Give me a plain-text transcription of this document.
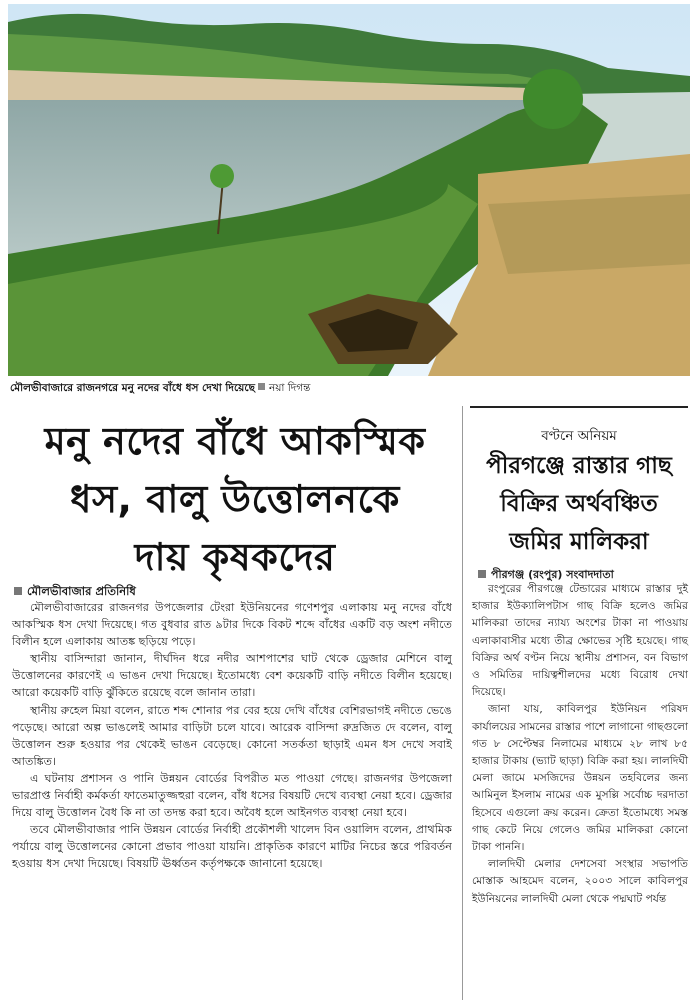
মৌলভীবাজারে রাজনগরে মনু নদের বাঁধে ধস দেখা দিয়েছে নয়া দিগন্ত
মনু নদের বাঁধে আকস্মিক
ধস, বালু উত্তোলনকে
দায় কৃষকদের
মৌলভীবাজার প্রতিনিধি

মৌলভীবাজারের রাজনগর উপজেলার টেংরা ইউনিয়নের গণেশপুর এলাকায় মনু নদের বাঁধে আকস্মিক ধস দেখা দিয়েছে। গত বুধবার রাত ৯টার দিকে বিকট শব্দে বাঁধের একটি বড় অংশ নদীতে বিলীন হলে এলাকায় আতঙ্ক ছড়িয়ে পড়ে।

স্থানীয় বাসিন্দারা জানান, দীর্ঘদিন ধরে নদীর আশপাশের ঘাট থেকে ড্রেজার মেশিনে বালু উত্তোলনের কারণেই এ ভাঙন দেখা দিয়েছে। ইতোমধ্যে বেশ কয়েকটি বাড়ি নদীতে বিলীন হয়েছে। আরো কয়েকটি বাড়ি ঝুঁকিতে রয়েছে বলে জানান তারা।

স্থানীয় রুহেল মিয়া বলেন, রাতে শব্দ শোনার পর বের হয়ে দেখি বাঁধের বেশিরভাগই নদীতে ভেঙে পড়েছে। আরো অল্প ভাঙলেই আমার বাড়িটা চলে যাবে। আরেক বাসিন্দা রুদ্রজিত দে বলেন, বালু উত্তোলন শুরু হওয়ার পর থেকেই ভাঙন বেড়েছে। কোনো সতর্কতা ছাড়াই এমন ধস দেখে সবাই আতঙ্কিত।

এ ঘটনায় প্রশাসন ও পানি উন্নয়ন বোর্ডের বিপরীত মত পাওয়া গেছে। রাজনগর উপজেলা ভারপ্রাপ্ত নির্বাহী কর্মকর্তা ফাতেমাতুজ্জহুরা বলেন, বাঁধ ধসের বিষয়টি দেখে ব্যবস্থা নেয়া হবে। ড্রেজার দিয়ে বালু উত্তোলন বৈধ কি না তা তদন্ত করা হবে। অবৈধ হলে আইনগত ব্যবস্থা নেয়া হবে।

তবে মৌলভীবাজার পানি উন্নয়ন বোর্ডের নির্বাহী প্রকৌশলী খালেদ বিন ওয়ালিদ বলেন, প্রাথমিক পর্যায়ে বালু উত্তোলনের কোনো প্রভাব পাওয়া যায়নি। প্রাকৃতিক কারণে মাটির নিচের স্তরে পরিবর্তন হওয়ায় ধস দেখা দিয়েছে। বিষয়টি ঊর্ধ্বতন কর্তৃপক্ষকে জানানো হয়েছে।

বণ্টনে অনিয়ম
পীরগঞ্জে রাস্তার গাছ
বিক্রির অর্থবঞ্চিত
জমির মালিকরা
পীরগঞ্জ (রংপুর) সংবাদদাতা

রংপুরের পীরগঞ্জে টেন্ডারের মাধ্যমে রাস্তার দুই হাজার ইউক্যালিপটাস গাছ বিক্রি হলেও জমির মালিকরা তাদের ন্যায্য অংশের টাকা না পাওয়ায় এলাকাবাসীর মধ্যে তীব্র ক্ষোভের সৃষ্টি হয়েছে। গাছ বিক্রির অর্থ বণ্টন নিয়ে স্থানীয় প্রশাসন, বন বিভাগ ও সমিতির দায়িত্বশীলদের মধ্যে বিরোধ দেখা দিয়েছে।

জানা যায়, কাবিলপুর ইউনিয়ন পরিষদ কার্যালয়ের সামনের রাস্তার পাশে লাগানো গাছগুলো গত ৮ সেপ্টেম্বর নিলামের মাধ্যমে ২৮ লাখ ৮৫ হাজার টাকায় (ভ্যাট ছাড়া) বিক্রি করা হয়। লালদিঘী মেলা জামে মসজিদের উন্নয়ন তহবিলের জন্য আমিনুল ইসলাম নামের এক মুসল্লি সর্বোচ্চ দরদাতা হিসেবে এগুলো ক্রয় করেন। ক্রেতা ইতোমধ্যে সমস্ত গাছ কেটে নিয়ে গেলেও জমির মালিকরা কোনো টাকা পাননি।

লালদিঘী মেলার দেশসেবা সংস্থার সভাপতি মোস্তাক আহমেদ বলেন, ২০০৩ সালে কাবিলপুর ইউনিয়নের লালদিঘী মেলা থেকে পদ্মঘাট পর্যন্ত
